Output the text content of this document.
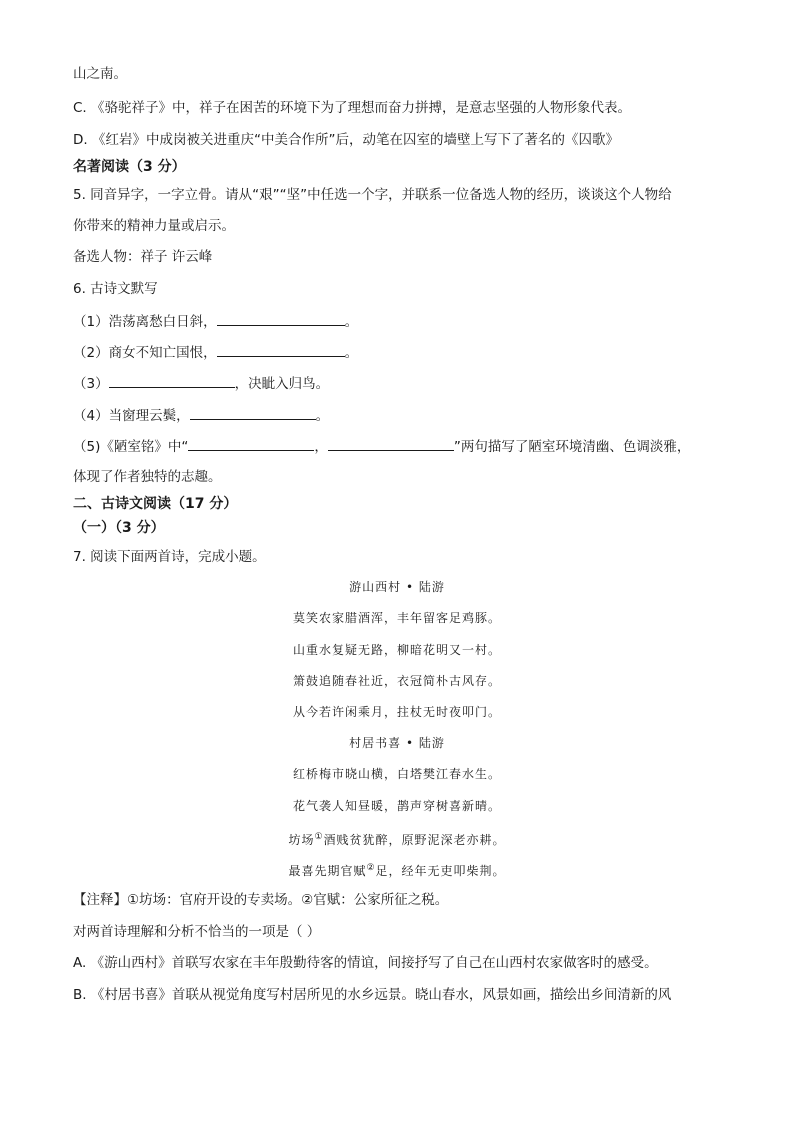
山之南。
C. 《骆驼祥子》中，祥子在困苦的环境下为了理想而奋力拼搏，是意志坚强的人物形象代表。
D. 《红岩》中成岗被关进重庆“中美合作所”后，动笔在囚室的墙壁上写下了著名的《囚歌》
名著阅读（3 分）
5. 同音异字，一字立骨。请从“艰”“坚”中任选一个字，并联系一位备选人物的经历，谈谈这个人物给
你带来的精神力量或启示。
备选人物：祥子 许云峰
6. 古诗文默写
（1）浩荡离愁白日斜，	。
（2）商女不知亡国恨，	。
（3）	，决眦入归鸟。
（4）当窗理云鬓，	。
（5)《陋室铭》中“	，	”两句描写了陋室环境清幽、色调淡雅，
体现了作者独特的志趣。
二、古诗文阅读（17 分）
（一）（3 分）
7. 阅读下面两首诗，完成小题。
游山西村 • 陆游
莫笑农家腊酒浑，丰年留客足鸡豚。
山重水复疑无路，柳暗花明又一村。
箫鼓追随春社近，衣冠简朴古风存。
从今若许闲乘月，拄杖无时夜叩门。
村居书喜 • 陆游
红桥梅市晓山横，白塔樊江春水生。
花气袭人知昼暖，鹊声穿树喜新晴。
坊场①酒贱贫犹醉，原野泥深老亦耕。
最喜先期官赋②足，经年无吏叩柴荆。
【注释】①坊场：官府开设的专卖场。②官赋：公家所征之税。
对两首诗理解和分析不恰当的一项是（ ）
A. 《游山西村》首联写农家在丰年殷勤待客的情谊，间接抒写了自己在山西村农家做客时的感受。
B. 《村居书喜》首联从视觉角度写村居所见的水乡远景。晓山春水，风景如画，描绘出乡间清新的风
